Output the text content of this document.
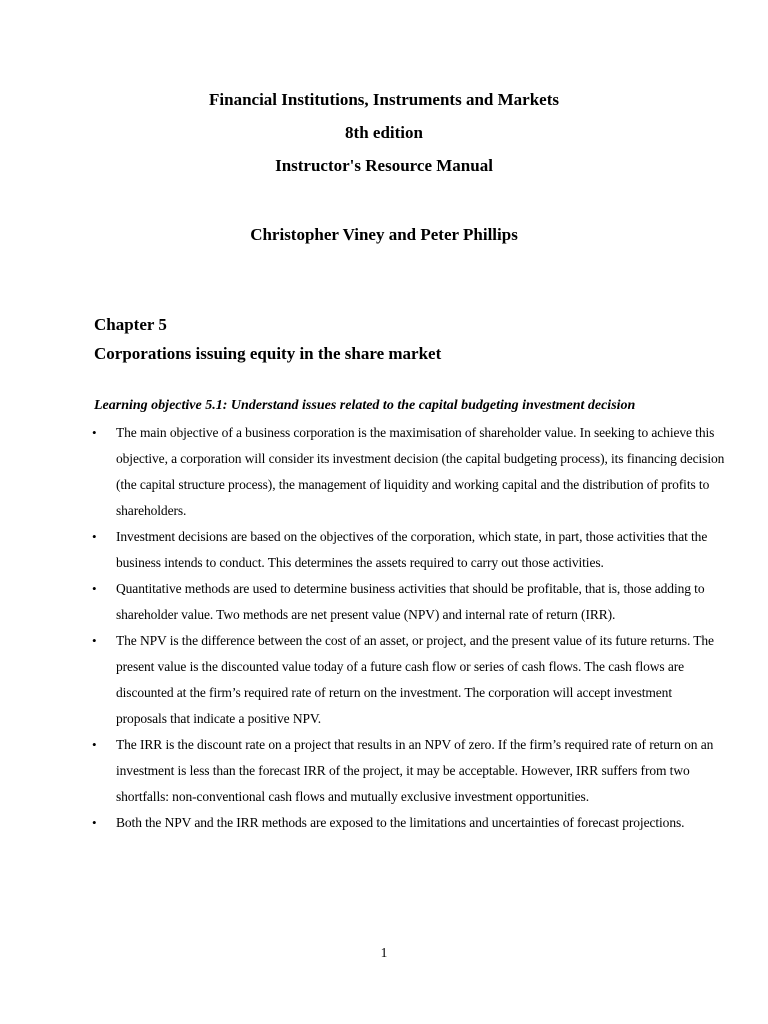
Financial Institutions, Instruments and Markets
8th edition
Instructor's Resource Manual
Christopher Viney and Peter Phillips
Chapter 5
Corporations issuing equity in the share market
Learning objective 5.1: Understand issues related to the capital budgeting investment decision
• The main objective of a business corporation is the maximisation of shareholder value. In seeking to achieve this objective, a corporation will consider its investment decision (the capital budgeting process), its financing decision (the capital structure process), the management of liquidity and working capital and the distribution of profits to shareholders.
• Investment decisions are based on the objectives of the corporation, which state, in part, those activities that the business intends to conduct. This determines the assets required to carry out those activities.
• Quantitative methods are used to determine business activities that should be profitable, that is, those adding to shareholder value. Two methods are net present value (NPV) and internal rate of return (IRR).
• The NPV is the difference between the cost of an asset, or project, and the present value of its future returns. The present value is the discounted value today of a future cash flow or series of cash flows. The cash flows are discounted at the firm’s required rate of return on the investment. The corporation will accept investment proposals that indicate a positive NPV.
• The IRR is the discount rate on a project that results in an NPV of zero. If the firm’s required rate of return on an investment is less than the forecast IRR of the project, it may be acceptable. However, IRR suffers from two shortfalls: non-conventional cash flows and mutually exclusive investment opportunities.
• Both the NPV and the IRR methods are exposed to the limitations and uncertainties of forecast projections.
1
